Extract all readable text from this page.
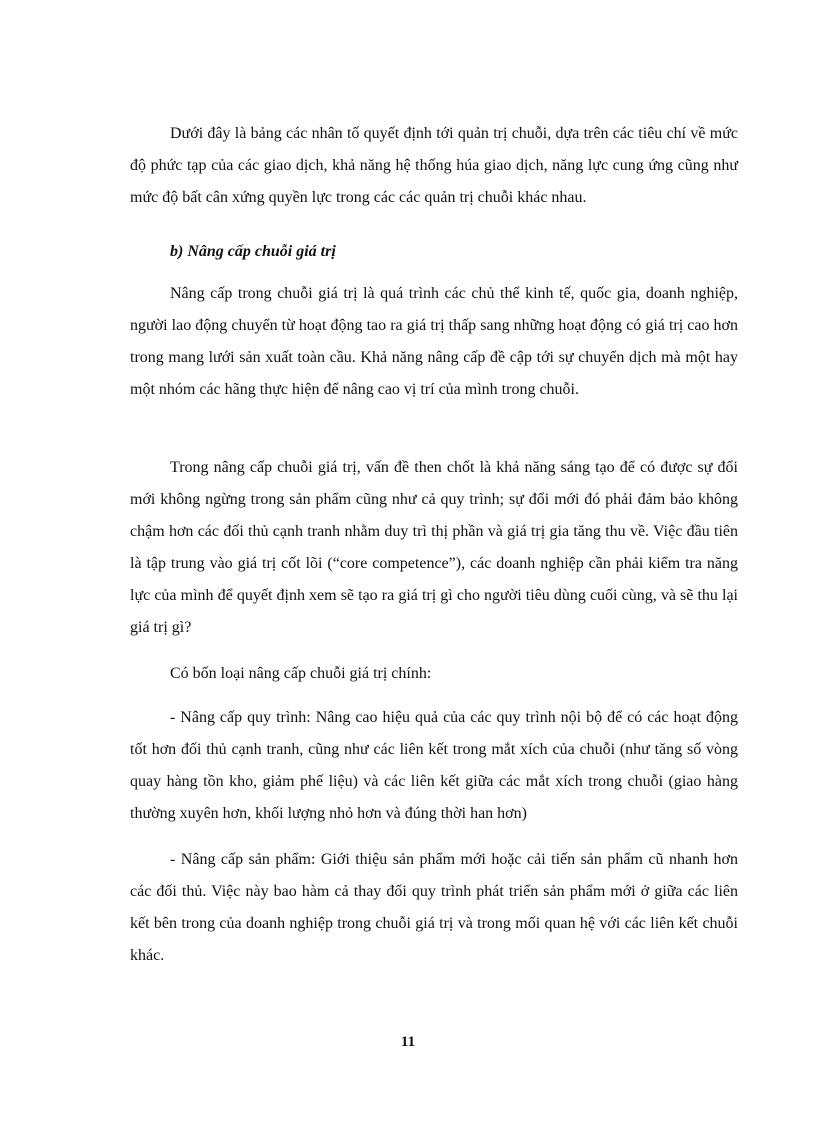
Dưới đây là bảng các nhân tố quyết định tới quản trị chuỗi, dựa trên các tiêu chí về mức độ phức tạp của các giao dịch, khả năng hệ thống húa giao dịch, năng lực cung ứng cũng như mức độ bất cân xứng quyền lực trong các các quản trị chuỗi khác nhau.

b) Nâng cấp chuỗi giá trị

Nâng cấp trong chuỗi giá trị là quá trình các chủ thể kinh tế, quốc gia, doanh nghiệp, người lao động chuyển từ hoạt động tao ra giá trị thấp sang những hoạt động có giá trị cao hơn trong mang lưới sản xuất toàn cầu. Khả năng nâng cấp đề cập tới sự chuyển dịch mà một hay một nhóm các hãng thực hiện để nâng cao vị trí của mình trong chuỗi.

Trong nâng cấp chuỗi giá trị, vấn đề then chốt là khả năng sáng tạo để có được sự đổi mới không ngừng trong sản phẩm cũng như cả quy trình; sự đổi mới đó phải đảm bảo không chậm hơn các đối thủ cạnh tranh nhằm duy trì thị phần và giá trị gia tăng thu về. Việc đầu tiên là tập trung vào giá trị cốt lõi (“core competence”), các doanh nghiệp cần phải kiểm tra năng lực của mình để quyết định xem sẽ tạo ra giá trị gì cho người tiêu dùng cuối cùng, và sẽ thu lại giá trị gì?

Có bốn loại nâng cấp chuỗi giá trị chính:

- Nâng cấp quy trình: Nâng cao hiệu quả của các quy trình nội bộ để có các hoạt động tốt hơn đối thủ cạnh tranh, cũng như các liên kết trong mắt xích của chuỗi (như tăng số vòng quay hàng tồn kho, giảm phế liệu) và các liên kết giữa các mắt xích trong chuỗi (giao hàng thường xuyên hơn, khối lượng nhỏ hơn và đúng thời han hơn)

- Nâng cấp sản phẩm: Giới thiệu sản phẩm mới hoặc cải tiến sản phẩm cũ nhanh hơn các đối thủ. Việc này bao hàm cả thay đổi quy trình phát triển sản phẩm mới ở giữa các liên kết bên trong của doanh nghiệp trong chuỗi giá trị và trong mối quan hệ với các liên kết chuỗi khác.

11
